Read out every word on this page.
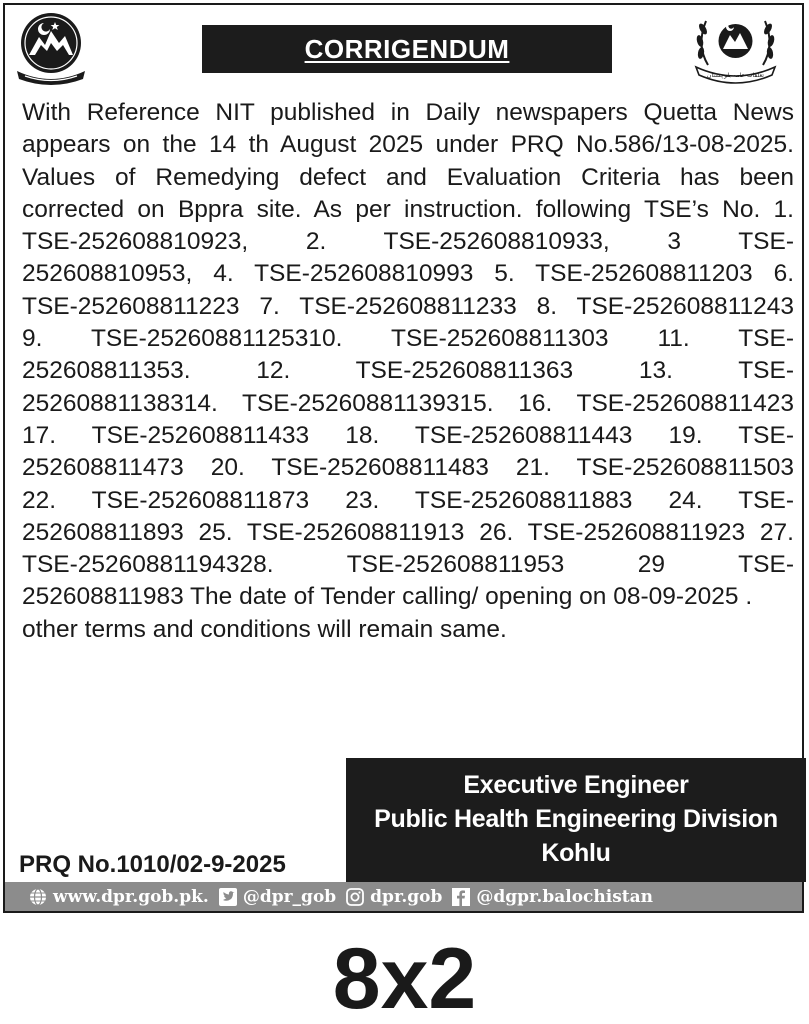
CORRIGENDUM
تعلقات عامہ بلوچستان
With Reference NIT published in Daily newspapers Quetta News
appears on the 14 th August 2025 under PRQ No.586/13-08-2025.
Values of Remedying defect and Evaluation Criteria has been
corrected on Bppra site. As per instruction. following TSE’s No. 1.
TSE-252608810923, 2. TSE-252608810933, 3 TSE-
252608810953, 4. TSE-252608810993 5. TSE-252608811203 6.
TSE-252608811223 7. TSE-252608811233 8. TSE-252608811243
9. TSE-25260881125310. TSE-252608811303 11. TSE-
252608811353. 12. TSE-252608811363 13. TSE-
25260881138314. TSE-25260881139315. 16. TSE-252608811423
17. TSE-252608811433 18. TSE-252608811443 19. TSE-
252608811473 20. TSE-252608811483 21. TSE-252608811503
22. TSE-252608811873 23. TSE-252608811883 24. TSE-
252608811893 25. TSE-252608811913 26. TSE-252608811923 27.
TSE-25260881194328. TSE-252608811953 29 TSE-
252608811983 The date of Tender calling/ opening on 08-09-2025 .
other terms and conditions will remain same.
Executive Engineer
Public Health Engineering Division
Kohlu
PRQ No.1010/02-9-2025
www.dpr.gob.pk. @dpr_gob dpr.gob @dgpr.balochistan
8x2
